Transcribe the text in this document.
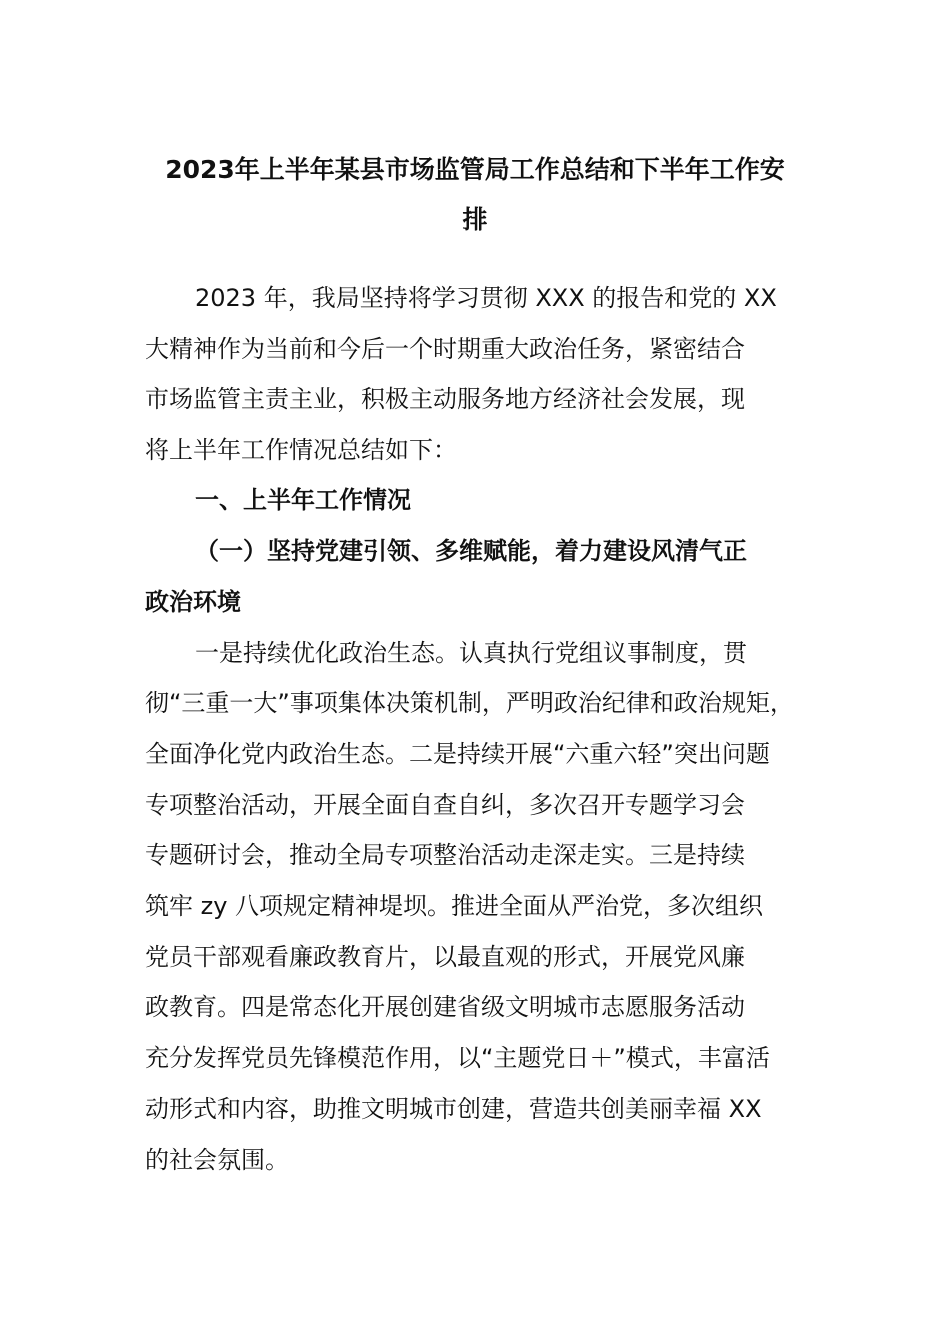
2023年上半年某县市场监管局工作总结和下半年工作安
排
2023 年，我局坚持将学习贯彻 XXX 的报告和党的 XX
大精神作为当前和今后一个时期重大政治任务，紧密结合
市场监管主责主业，积极主动服务地方经济社会发展，现
将上半年工作情况总结如下：
一、上半年工作情况
（一）坚持党建引领、多维赋能，着力建设风清气正
政治环境
一是持续优化政治生态。认真执行党组议事制度，贯
彻“三重一大”事项集体决策机制，严明政治纪律和政治规矩，
全面净化党内政治生态。二是持续开展“六重六轻”突出问题
专项整治活动，开展全面自查自纠，多次召开专题学习会
专题研讨会，推动全局专项整治活动走深走实。三是持续
筑牢 zy 八项规定精神堤坝。推进全面从严治党，多次组织
党员干部观看廉政教育片，以最直观的形式，开展党风廉
政教育。四是常态化开展创建省级文明城市志愿服务活动
充分发挥党员先锋模范作用，以“主题党日＋”模式，丰富活
动形式和内容，助推文明城市创建，营造共创美丽幸福 XX
的社会氛围。
